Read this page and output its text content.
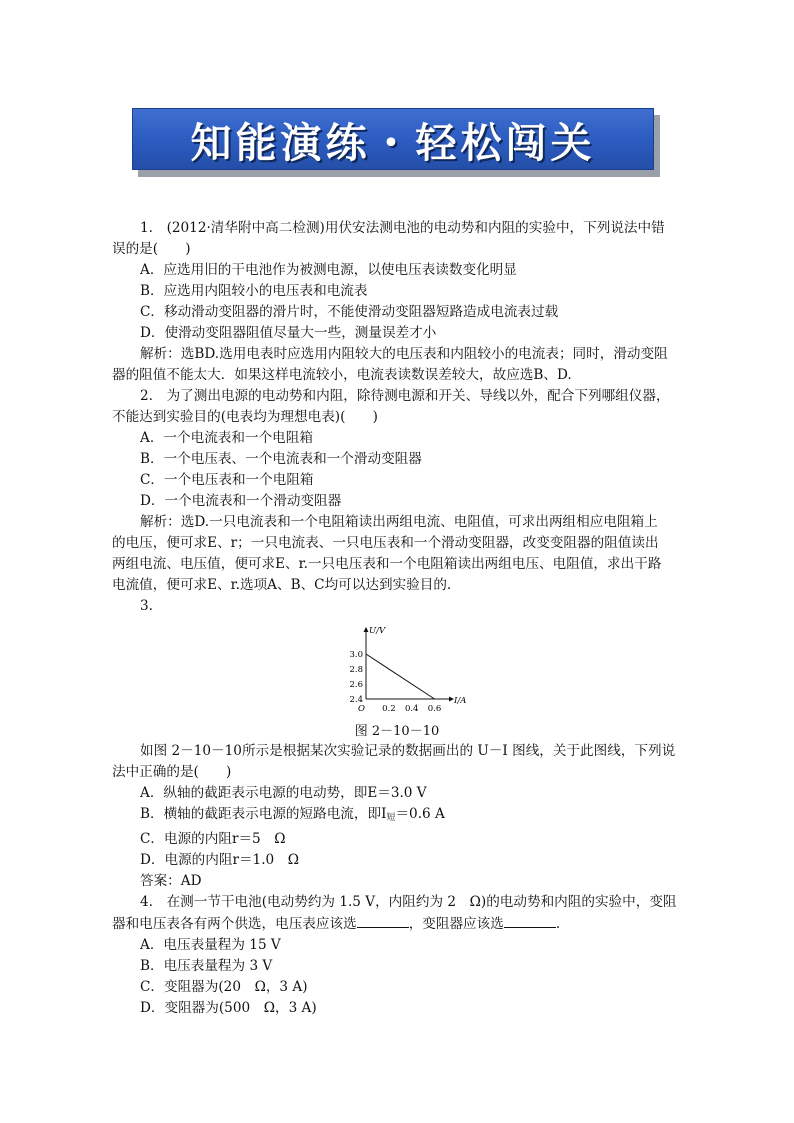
知能演练・轻松闯关

1.　 (2012·清华附中高二检测)用伏安法测电池的电动势和内阻的实验中，下列说法中错

误的是(　　)

A．应选用旧的干电池作为被测电源，以使电压表读数变化明显

B．应选用内阻较小的电压表和电流表

C．移动滑动变阻器的滑片时，不能使滑动变阻器短路造成电流表过载

D．使滑动变阻器阻值尽量大一些，测量误差才小

解析：选BD.选用电表时应选用内阻较大的电压表和内阻较小的电流表；同时，滑动变阻

器的阻值不能太大．如果这样电流较小，电流表读数误差较大，故应选B、D.

2.　 为了测出电源的电动势和内阻，除待测电源和开关、导线以外，配合下列哪组仪器，

不能达到实验目的(电表均为理想电表)(　　)

A．一个电流表和一个电阻箱

B．一个电压表、一个电流表和一个滑动变阻器

C．一个电压表和一个电阻箱

D．一个电流表和一个滑动变阻器

解析：选D.一只电流表和一个电阻箱读出两组电流、电阻值，可求出两组相应电阻箱上

的电压，便可求E、r；一只电流表、一只电压表和一个滑动变阻器，改变变阻器的阻值读出

两组电流、电压值，便可求E、r.一只电压表和一个电阻箱读出两组电压、电阻值，求出干路

电流值，便可求E、r.选项A、B、C均可以达到实验目的.

3.

U/V
I/A
O 0.2 0.4 0.6
3.0
2.8
2.6
2.4
图 2－10－10

如图 2－10－10所示是根据某次实验记录的数据画出的 U－I 图线，关于此图线，下列说

法中正确的是(　　)

A．纵轴的截距表示电源的电动势，即E＝3.0 V

B．横轴的截距表示电源的短路电流，即$I_短=0.6$ A

C．电源的内阻r＝5　Ω

D．电源的内阻r＝1.0　Ω

答案：AD

4.　 在测一节干电池(电动势约为 1.5 V，内阻约为 2　Ω)的电动势和内阻的实验中，变阻

器和电压表各有两个供选，电压表应该选	，变阻器应该选	.

A．电压表量程为 15 V

B．电压表量程为 3 V

C．变阻器为(20　Ω，3 A)

D．变阻器为(500　Ω，3 A)
